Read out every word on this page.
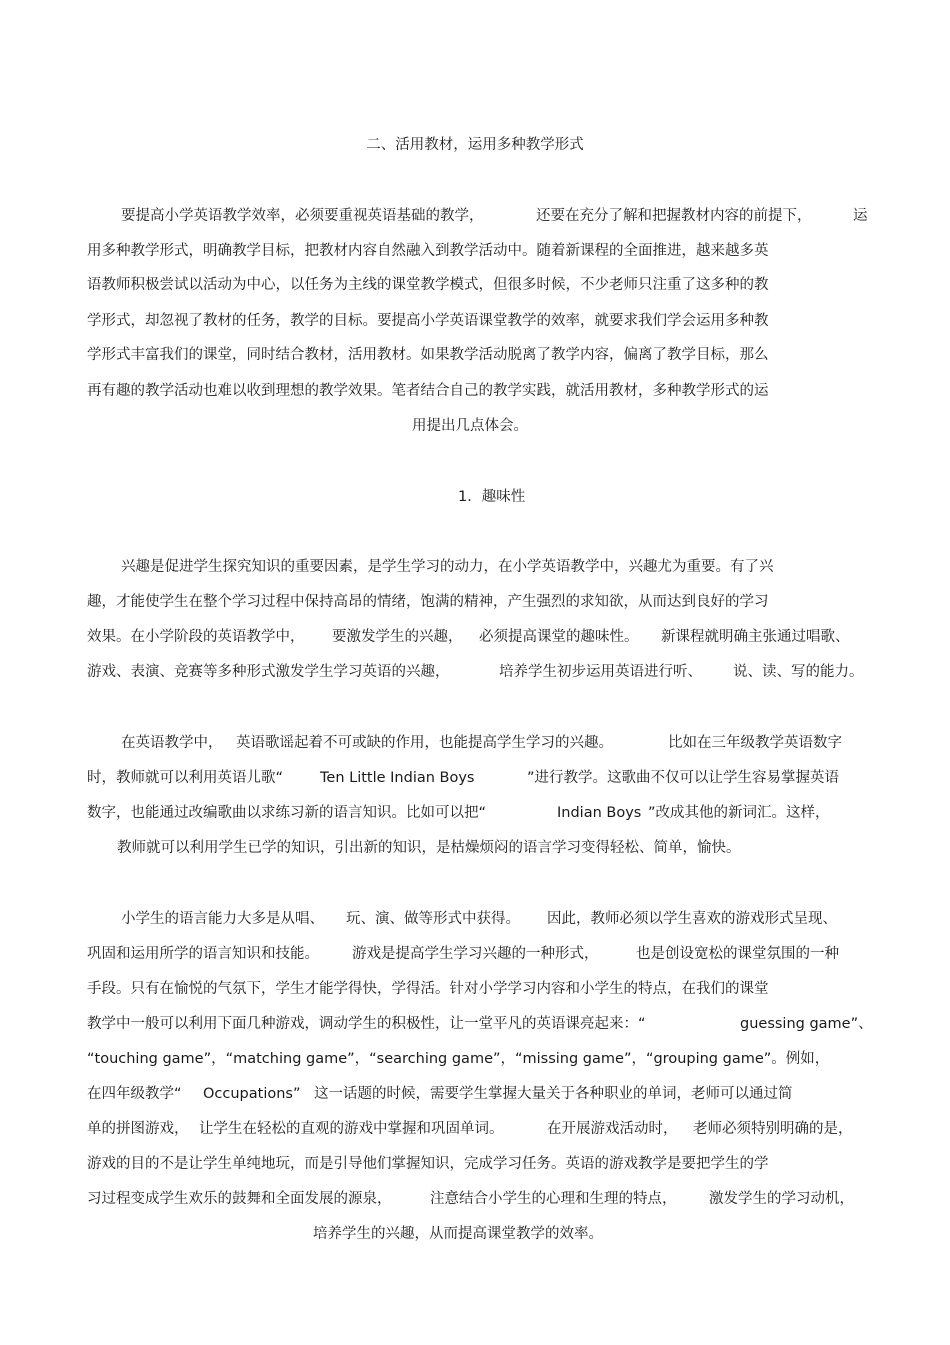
二、活用教材，运用多种教学形式
要提高小学英语教学效率，必须要重视英语基础的教学，	还要在充分了解和把握教材内容的前提下，	运
用多种教学形式，明确教学目标，把教材内容自然融入到教学活动中。随着新课程的全面推进，越来越多英
语教师积极尝试以活动为中心，以任务为主线的课堂教学模式，但很多时候，不少老师只注重了这多种的教
学形式，却忽视了教材的任务，教学的目标。要提高小学英语课堂教学的效率，就要求我们学会运用多种教
学形式丰富我们的课堂，同时结合教材，活用教材。如果教学活动脱离了教学内容，偏离了教学目标，那么
再有趣的教学活动也难以收到理想的教学效果。笔者结合自己的教学实践，就活用教材，多种教学形式的运
用提出几点体会。
1．趣味性
兴趣是促进学生探究知识的重要因素，是学生学习的动力，在小学英语教学中，兴趣尤为重要。有了兴
趣，才能使学生在整个学习过程中保持高昂的情绪，饱满的精神，产生强烈的求知欲，从而达到良好的学习
效果。在小学阶段的英语教学中， 要激发学生的兴趣， 必须提高课堂的趣味性。 新课程就明确主张通过唱歌、
游戏、表演、竞赛等多种形式激发学生学习英语的兴趣，	培养学生初步运用英语进行听、 说、读、写的能力。
在英语教学中， 英语歌谣起着不可或缺的作用，也能提高学生学习的兴趣。	比如在三年级教学英语数字
时，教师就可以利用英语儿歌“	Ten Little Indian Boys	”进行教学。这歌曲不仅可以让学生容易掌握英语
数字，也能通过改编歌曲以求练习新的语言知识。比如可以把“	Indian Boys ”改成其他的新词汇。这样，
教师就可以利用学生已学的知识，引出新的知识，是枯燥烦闷的语言学习变得轻松、简单，愉快。
小学生的语言能力大多是从唱、 玩、演、做等形式中获得。 因此，教师必须以学生喜欢的游戏形式呈现、
巩固和运用所学的语言知识和技能。 游戏是提高学生学习兴趣的一种形式，	也是创设宽松的课堂氛围的一种
手段。只有在愉悦的气氛下，学生才能学得快，学得活。针对小学学习内容和小学生的特点，在我们的课堂
教学中一般可以利用下面几种游戏，调动学生的积极性，让一堂平凡的英语课亮起来：“	guessing game”、
“touching game”，“matching game”，“searching game”，“missing game”，“grouping game”。例如，
在四年级教学“ Occupations” 这一话题的时候，需要学生掌握大量关于各种职业的单词，老师可以通过简
单的拼图游戏， 让学生在轻松的直观的游戏中掌握和巩固单词。	在开展游戏活动时， 老师必须特别明确的是，
游戏的目的不是让学生单纯地玩，而是引导他们掌握知识，完成学习任务。英语的游戏教学是要把学生的学
习过程变成学生欢乐的鼓舞和全面发展的源泉，	注意结合小学生的心理和生理的特点， 激发学生的学习动机，
培养学生的兴趣，从而提高课堂教学的效率。
